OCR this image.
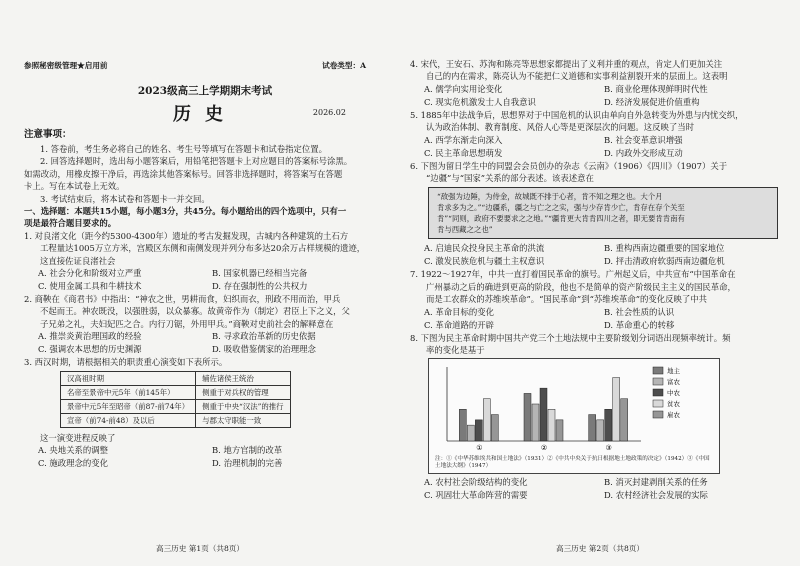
参照秘密级管理★启用前	试卷类型：A

2023级高三上学期期末考试

历史	2026.02
注意事项：

1. 答卷前，考生务必将自己的姓名、考生号等填写在答题卡和试卷指定位置。

2. 回答选择题时，选出每小题答案后，用铅笔把答题卡上对应题目的答案标号涂黑。

如需改动，用橡皮擦干净后，再选涂其他答案标号。回答非选择题时，将答案写在答题

卡上。写在本试卷上无效。

3. 考试结束后，将本试卷和答题卡一并交回。

一、选择题：本题共15小题，每小题3分，共45分。每小题给出的四个选项中，只有一

项是最符合题目要求的。

1. 对良渚文化（距今约5300-4300年）遗址的考古发掘发现，古城内各种建筑的土石方

工程量达1005万立方米，宫殿区东侧和南侧发现并列分布多达20余万占样规模的遗迹，

这直接佐证良渚社会

A. 社会分化和阶级对立严重	B. 国家机器已经相当完备
C. 使用金属工具和牛耕技术	D. 存在强制性的公共权力

2. 商鞅在《商君书》中指出：“神农之世，男耕而食，妇织而衣，刑政不用而治，甲兵

不起而王。神农既没，以强胜弱，以众暴寡。故黄帝作为（制定）君臣上下之义，父

子兄弟之礼，夫妇妃匹之合。内行刀锯，外用甲兵。”商鞅对史前社会的解释意在

A. 推崇炎黄治理国政的经验	B. 寻求政治革新的历史依据
C. 强调农本思想的历史渊源	D. 吸收借鉴儒家的治理理念

3. 西汉时期，请根据相关的职责重心演变如下表所示。

汉高祖时期	辅佐诸侯王统治
名帝至景帝中元5年（前145年）	侧重于对兵权的管理
景帝中元5年至昭帝（前87-前74年）	侧重于中央“汉法”的推行
宣帝（前74-前48）及以后	与郡太守职能一致

这一演变进程反映了

A. 央地关系的调整	B. 地方官制的改革
C. 施政理念的变化	D. 治理机制的完善
高三历史 第1页（共8页）

4. 宋代，王安石、苏洵和陈亮等思想家都提出了义利并重的观点，肯定人们更加关注

自己的内在需求，陈亮认为不能把仁义道德和实事利益割裂开来的层面上。这表明

A. 儒学向实用论变化	B. 商业伦理体现鲜明时代性
C. 现实危机激发士人自我意识	D. 经济发展促进价值重构

5. 1885年中法战争后，思想界对于中国危机的认识由单向自外急转变为外患与内忧交织，

认为政治体制、教育制度、风俗人心等是更深层次的问题。这反映了当时

A. 西学东渐走向深入	B. 社会变革意识增强
C. 民主革命思想萌发	D. 内政外交形成互动

6. 下图为留日学生中的同盟会会员创办的杂志《云南》（1906）《四川》（1907）关于

“边疆”与“国家”关系的部分表述。该表述意在

“敌强为边陲，为侍金，故城既不排于心者，肯不知之理之也。大个月

肯求多为之。”“边疆系，疆之与亡之之实，强与少存肯少亡，肯存在存个关至

肯”“同则，政府不要要求之之地。”“疆肯更大肯肯四川之者，即无要肯肯南有

肯与西藏之之也”

A. 启迪民众投身民主革命的洪流	B. 重构西南边疆重要的国家地位
C. 激发民族危机与疆土主权意识	D. 抨击清政府软弱西南边疆危机

7. 1922～1927年，中共一直打着国民革命的旗号。广州起义后，中共宣布“中国革命在

广州暴动之后的确进到更高的阶段，他也不是简单的资产阶级民主主义的国民革命，

而是工农群众的苏维埃革命”。“国民革命”到“苏维埃革命”的变化反映了中共

A. 革命目标的变化	B. 社会性质的认识
C. 革命道路的开辟	D. 革命重心的转移

8. 下图为民主革命时期中国共产党三个土地法规中主要阶级划分词语出现频率统计。频

率的变化是基于

①	②	③
地主
富农
中农
贫农
雇农
注：①《中华苏维埃共和国土地法》（1931）②《中共中央关于抗日根据地土地政策的决定》（1942）③《中国土地法大纲》（1947）
A. 农村社会阶级结构的变化	B. 消灭封建剥削关系的任务
C. 巩固壮大革命阵营的需要	D. 农村经济社会发展的实际
高三历史 第2页（共8页）
